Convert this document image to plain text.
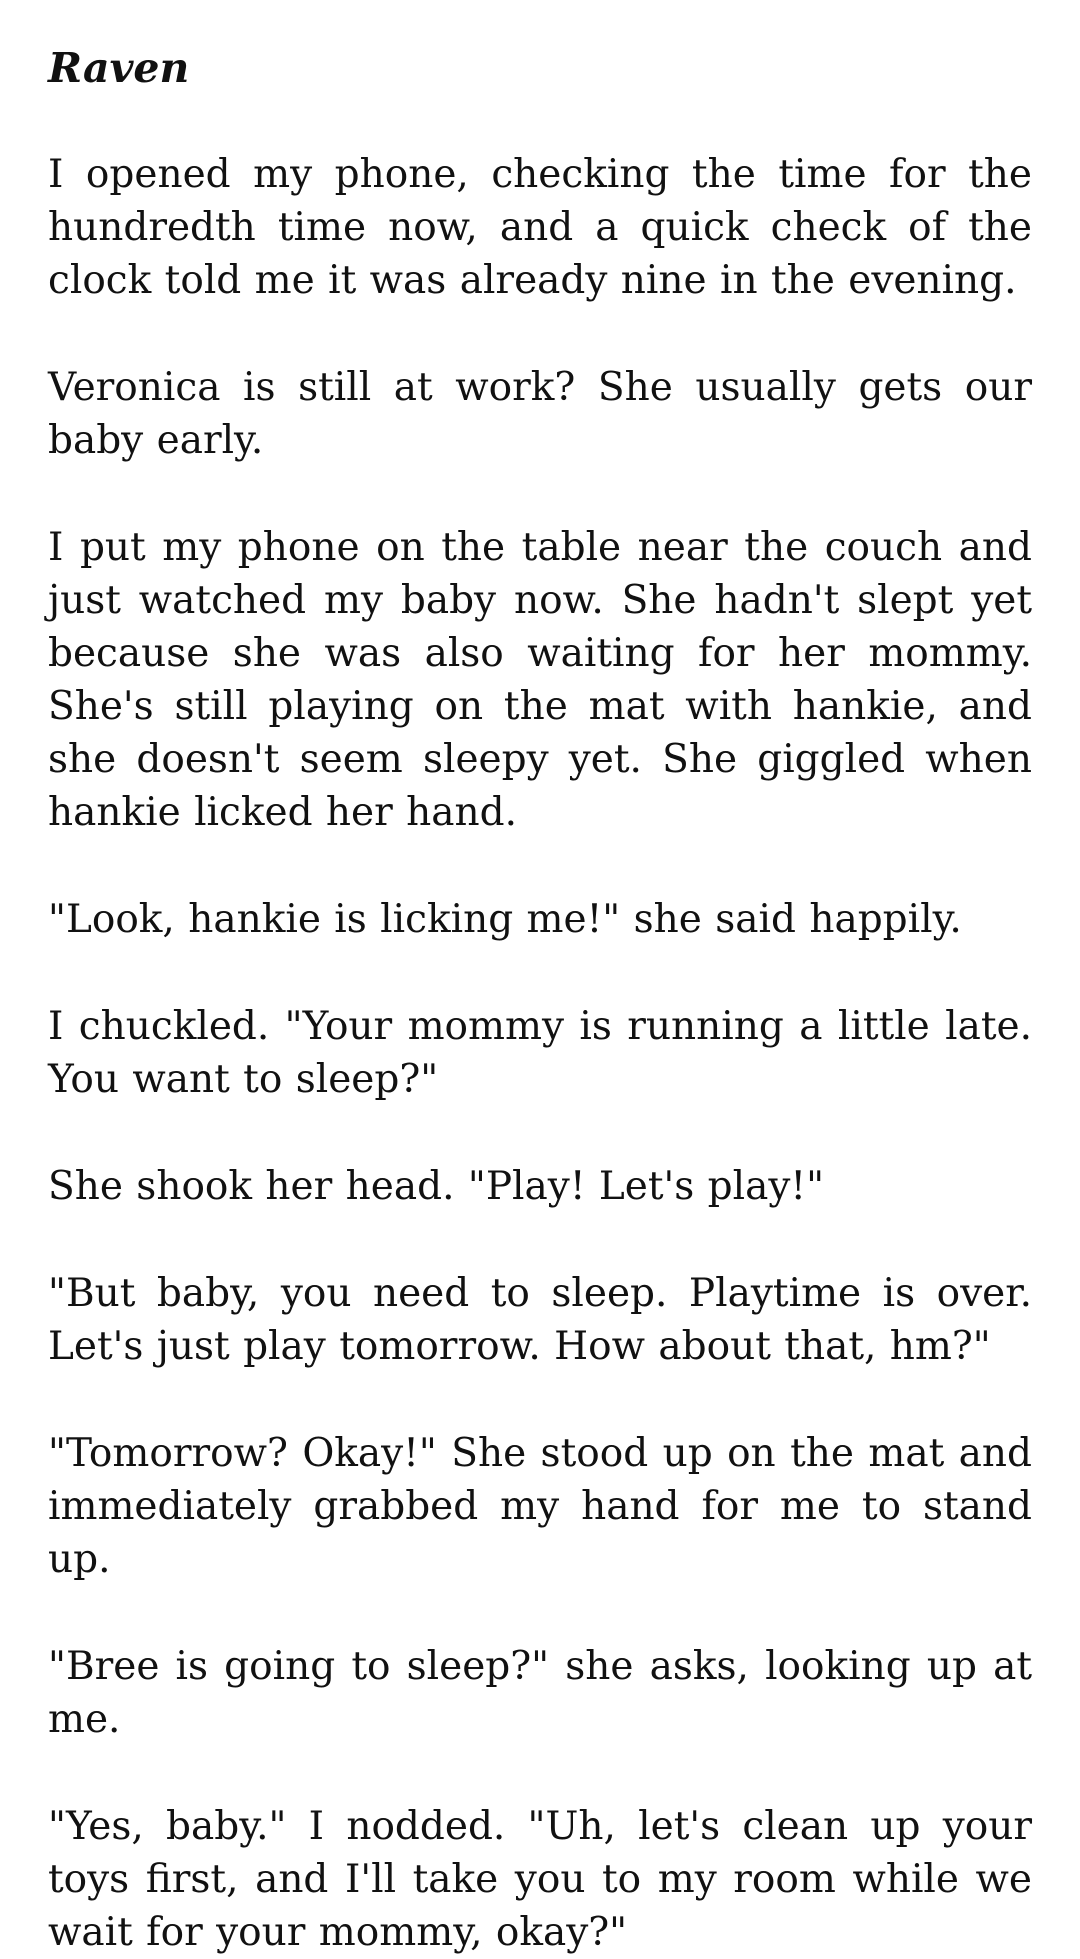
Raven

I opened my phone, checking the time for the hundredth time now, and a quick check of the clock told me it was already nine in the evening.

Veronica is still at work? She usually gets our baby early.

I put my phone on the table near the couch and just watched my baby now. She hadn't slept yet because she was also waiting for her mommy. She's still playing on the mat with hankie, and she doesn't seem sleepy yet. She giggled when hankie licked her hand.

"Look, hankie is licking me!" she said happily.

I chuckled. "Your mommy is running a little late. You want to sleep?"

She shook her head. "Play! Let's play!"

"But baby, you need to sleep. Playtime is over. Let's just play tomorrow. How about that, hm?"

"Tomorrow? Okay!" She stood up on the mat and immediately grabbed my hand for me to stand up.

"Bree is going to sleep?" she asks, looking up at me.

"Yes, baby." I nodded. "Uh, let's clean up your toys first, and I'll take you to my room while we wait for your mommy, okay?"
